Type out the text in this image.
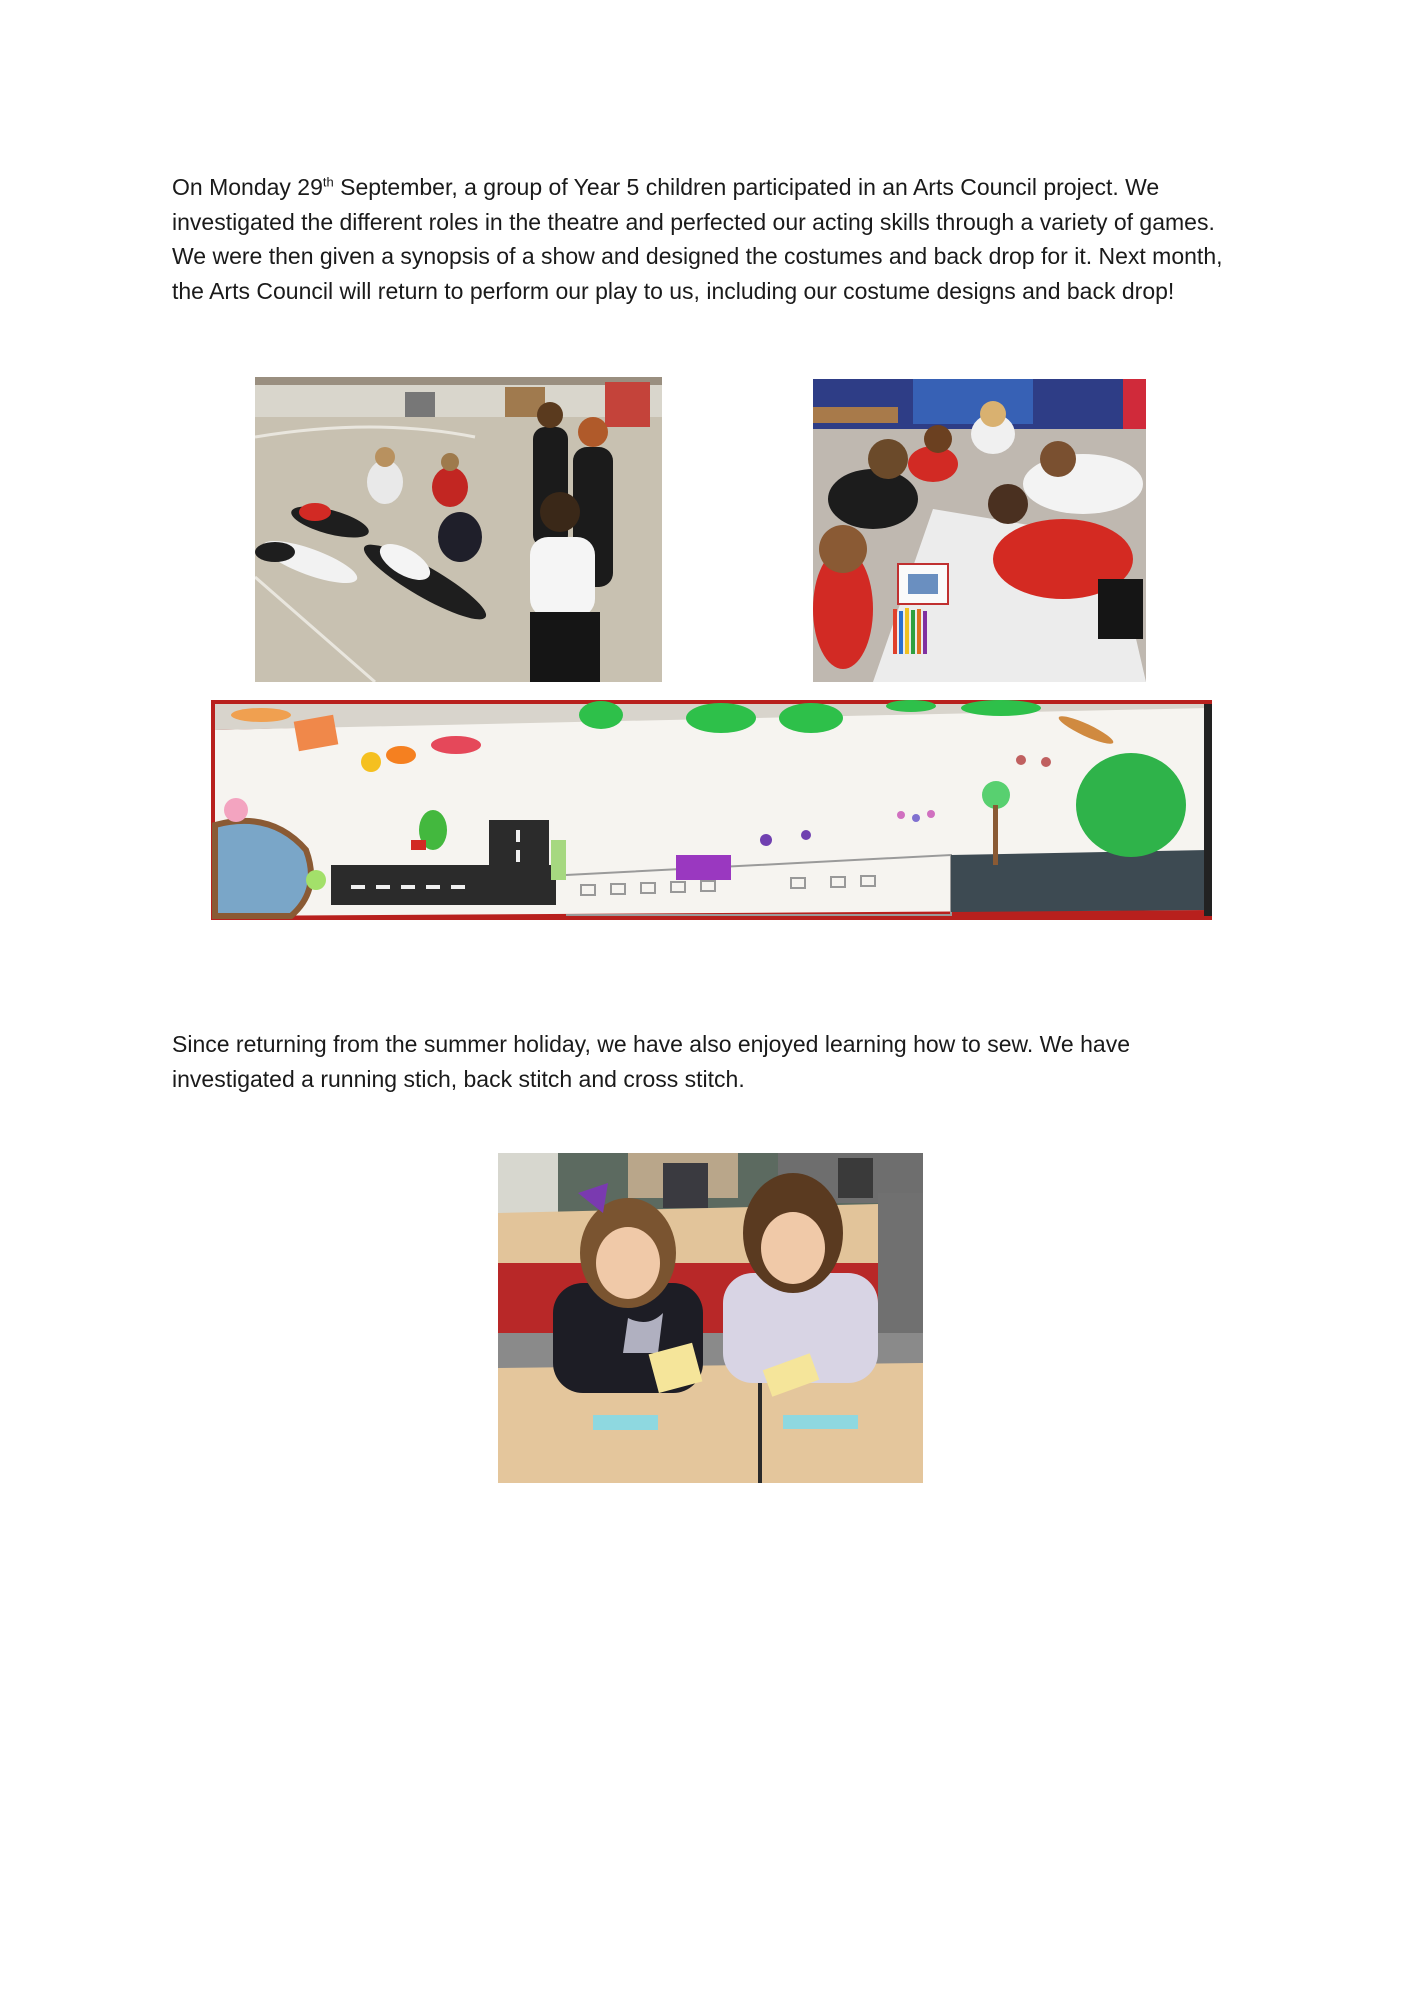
On Monday 29th September, a group of Year 5 children participated in an Arts Council project. We investigated the different roles in the theatre and perfected our acting skills through a variety of games. We were then given a synopsis of a show and designed the costumes and back drop for it. Next month, the Arts Council will return to perform our play to us, including our costume designs and back drop!

Since returning from the summer holiday, we have also enjoyed learning how to sew. We have investigated a running stich, back stitch and cross stitch.
